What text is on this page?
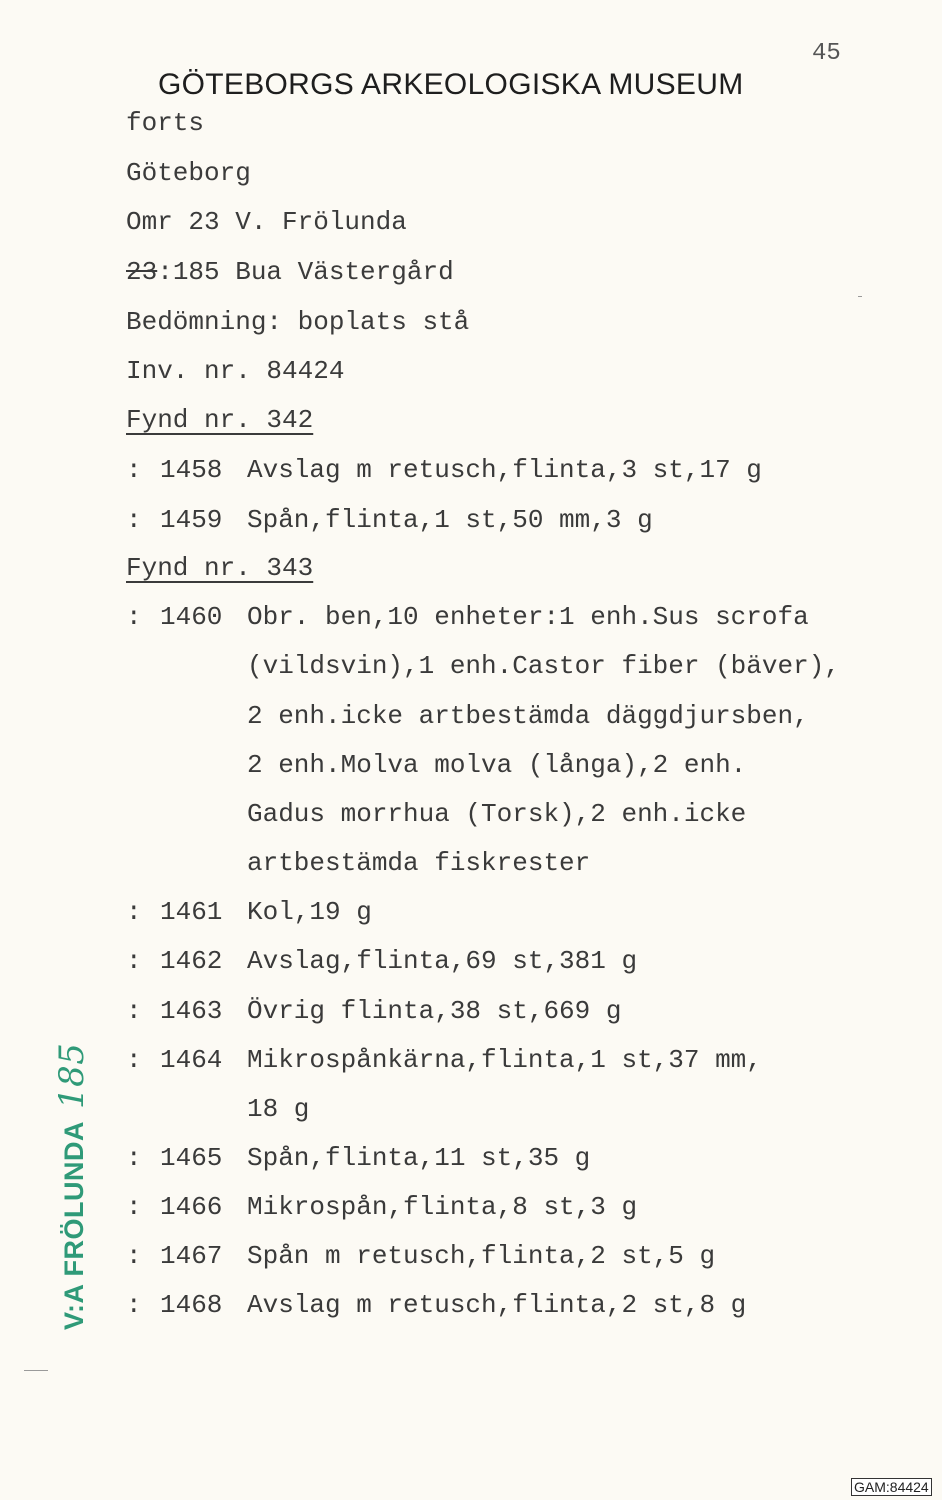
45
GÖTEBORGS ARKEOLOGISKA MUSEUM
forts
Göteborg
Omr 23 V. Frölunda
23:185 Bua Västergård
Bedömning: boplats stå
Inv. nr. 84424
Fynd nr. 342
: 1458 Avslag m retusch,flinta,3 st,17 g
: 1459 Spån,flinta,1 st,50 mm,3 g
Fynd nr. 343
: 1460 Obr. ben,10 enheter:1 enh.Sus scrofa
(vildsvin),1 enh.Castor fiber (bäver),
2 enh.icke artbestämda däggdjursben,
2 enh.Molva molva (långa),2 enh.
Gadus morrhua (Torsk),2 enh.icke
artbestämda fiskrester
: 1461 Kol,19 g
: 1462 Avslag,flinta,69 st,381 g
: 1463 Övrig flinta,38 st,669 g
: 1464 Mikrospånkärna,flinta,1 st,37 mm,
18 g
: 1465 Spån,flinta,11 st,35 g
: 1466 Mikrospån,flinta,8 st,3 g
: 1467 Spån m retusch,flinta,2 st,5 g
: 1468 Avslag m retusch,flinta,2 st,8 g
V:A FRÖLUNDA185
GAM:84424
